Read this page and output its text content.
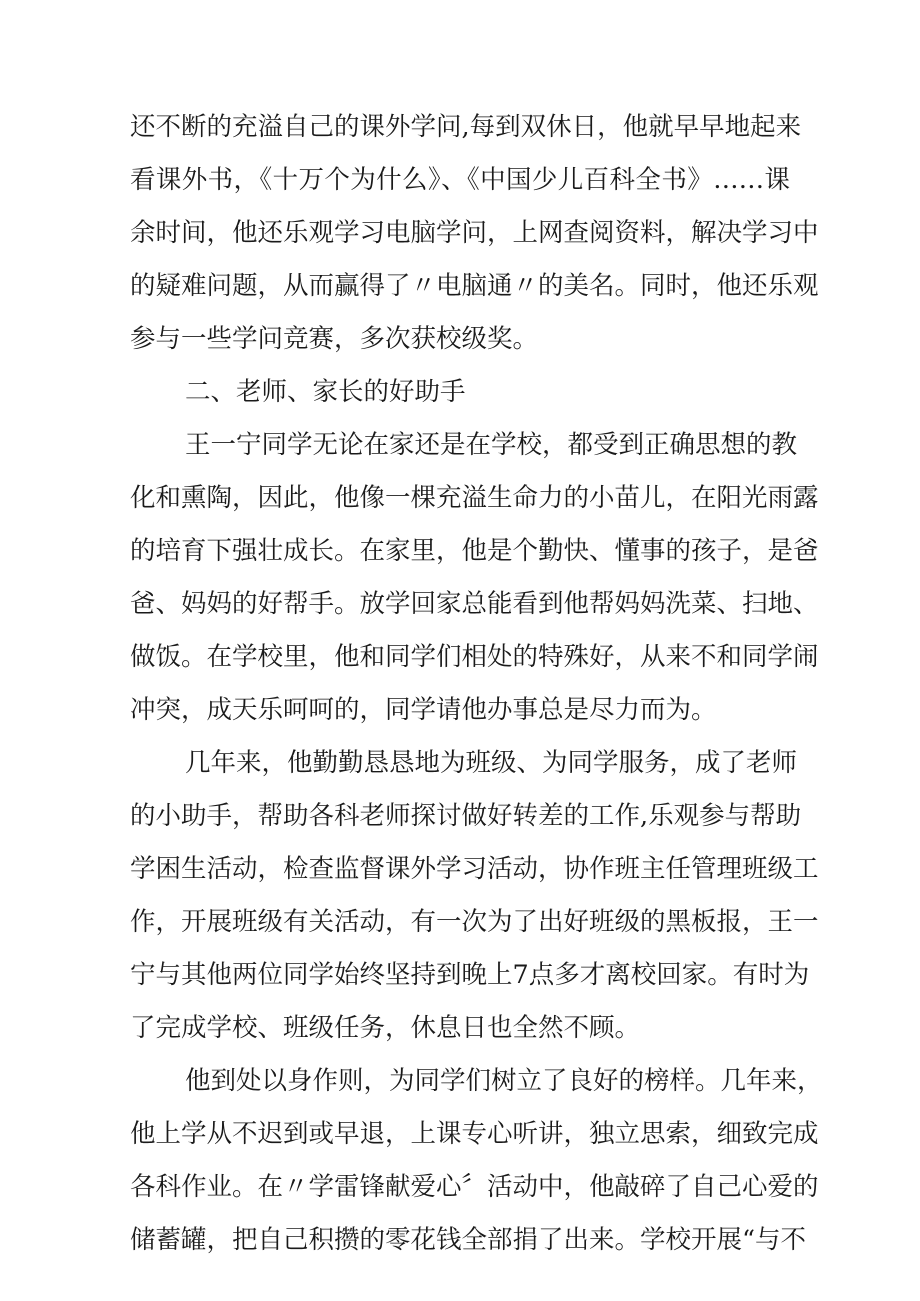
还不断的充溢自己的课外学问,每到双休日，他就早早地起来
看课外书，《十万个为什么》、《中国少儿百科全书》……课
余时间，他还乐观学习电脑学问，上网查阅资料，解决学习中
的疑难问题，从而赢得了〃电脑通〃的美名。同时，他还乐观
参与一些学问竞赛，多次获校级奖。
二、老师、家长的好助手
王一宁同学无论在家还是在学校，都受到正确思想的教
化和熏陶，因此，他像一棵充溢生命力的小苗儿，在阳光雨露
的培育下强壮成长。在家里，他是个勤快、懂事的孩子，是爸
爸、妈妈的好帮手。放学回家总能看到他帮妈妈洗菜、扫地、
做饭。在学校里，他和同学们相处的特殊好，从来不和同学闹
冲突，成天乐呵呵的，同学请他办事总是尽力而为。
几年来，他勤勤恳恳地为班级、为同学服务，成了老师
的小助手，帮助各科老师探讨做好转差的工作,乐观参与帮助
学困生活动，检查监督课外学习活动，协作班主任管理班级工
作，开展班级有关活动，有一次为了出好班级的黑板报，王一
宁与其他两位同学始终坚持到晚上7点多才离校回家。有时为
了完成学校、班级任务，休息日也全然不顾。
他到处以身作则，为同学们树立了良好的榜样。几年来，
他上学从不迟到或早退，上课专心听讲，独立思索，细致完成
各科作业。在〃学雷锋献爱心〞活动中，他敲碎了自己心爱的
储蓄罐，把自己积攒的零花钱全部捐了出来。学校开展“与不
